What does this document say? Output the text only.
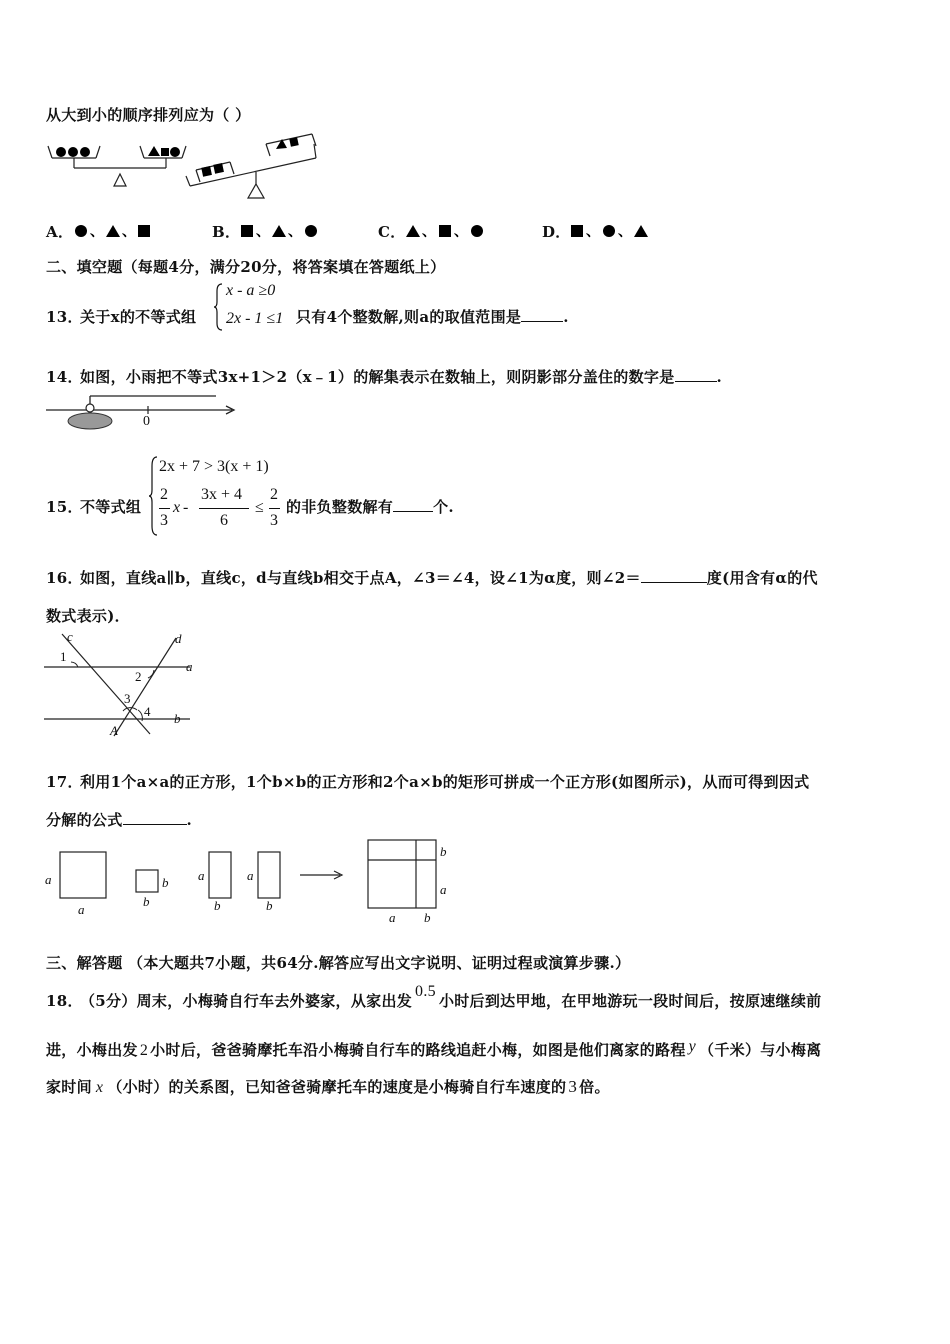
从大到小的顺序排列应为（ ）
A． 、 、	B． 、 、	C． 、 、	D． 、 、
二、填空题（每题4分，满分20分，将答案填在答题纸上）
13．
关于x的不等式组
x - a ≥0
2x - 1 ≤1 只有4个整数解,则a的取值范围是	.
14．
如图，小雨把不等式3x+1＞2（x﹣1）的解集表示在数轴上，则阴影部分盖住的数字是	.
0
15．
不等式组
2x + 7 > 3(x + 1)
2
3
x -
3x + 4
6
≤
2
3
的非负整数解有	个.
16．
如图，直线a∥b，直线c，d与直线b相交于点A，∠3＝∠4，设∠1为α度，则∠2＝	度(用含有α的代
数式表示)．
c	d
a
b
A
1
2
3
4
17．
利用1个a×a的正方形，1个b×b的正方形和2个a×b的矩形可拼成一个正方形(如图所示)，从而可得到因式
分解的公式	.
a
a
b
b
a
b
a
b
b
a
a b
三、解答题 （本大题共7小题，共64分.解答应写出文字说明、证明过程或演算步骤.）
18．
（5分）周末，小梅骑自行车去外婆家，从家出发0.5小时后到达甲地，在甲地游玩一段时间后，按原速继续前
进，小梅出发 2 小时后，爸爸骑摩托车沿小梅骑自行车的路线追赶小梅，如图是他们离家的路程 y （千米）与小梅离
家时间 x （小时）的关系图，已知爸爸骑摩托车的速度是小梅骑自行车速度的 3 倍。
